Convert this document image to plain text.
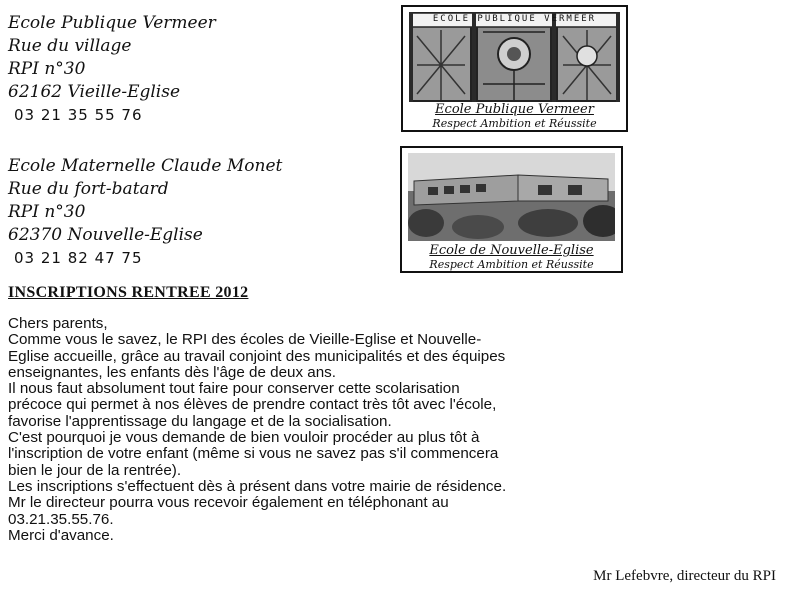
Ecole Publique Vermeer
Rue du village
RPI n°30
62162 Vieille-Eglise
03 21 35 55 76
ECOLE PUBLIQUE VERMEER
Ecole Publique Vermeer
Respect Ambition et Réussite
Ecole Maternelle Claude Monet
Rue du fort-batard
RPI n°30
62370 Nouvelle-Eglise
03 21 82 47 75	Ecole de Nouvelle-Eglise
Respect Ambition et Réussite
INSCRIPTIONS RENTREE 2012
Chers parents,
Comme vous le savez, le RPI des écoles de Vieille-Eglise et Nouvelle-
Eglise accueille, grâce au travail conjoint des municipalités et des équipes
enseignantes, les enfants dès l'âge de deux ans.
Il nous faut absolument tout faire pour conserver cette scolarisation
précoce qui permet à nos élèves de prendre contact très tôt avec l'école,
favorise l'apprentissage du langage et de la socialisation.
C'est pourquoi je vous demande de bien vouloir procéder au plus tôt à
l'inscription de votre enfant (même si vous ne savez pas s'il commencera
bien le jour de la rentrée).
Les inscriptions s'effectuent dès à présent dans votre mairie de résidence.
Mr le directeur pourra vous recevoir également en téléphonant au
03.21.35.55.76.
Merci d'avance.
Mr Lefebvre, directeur du RPI
